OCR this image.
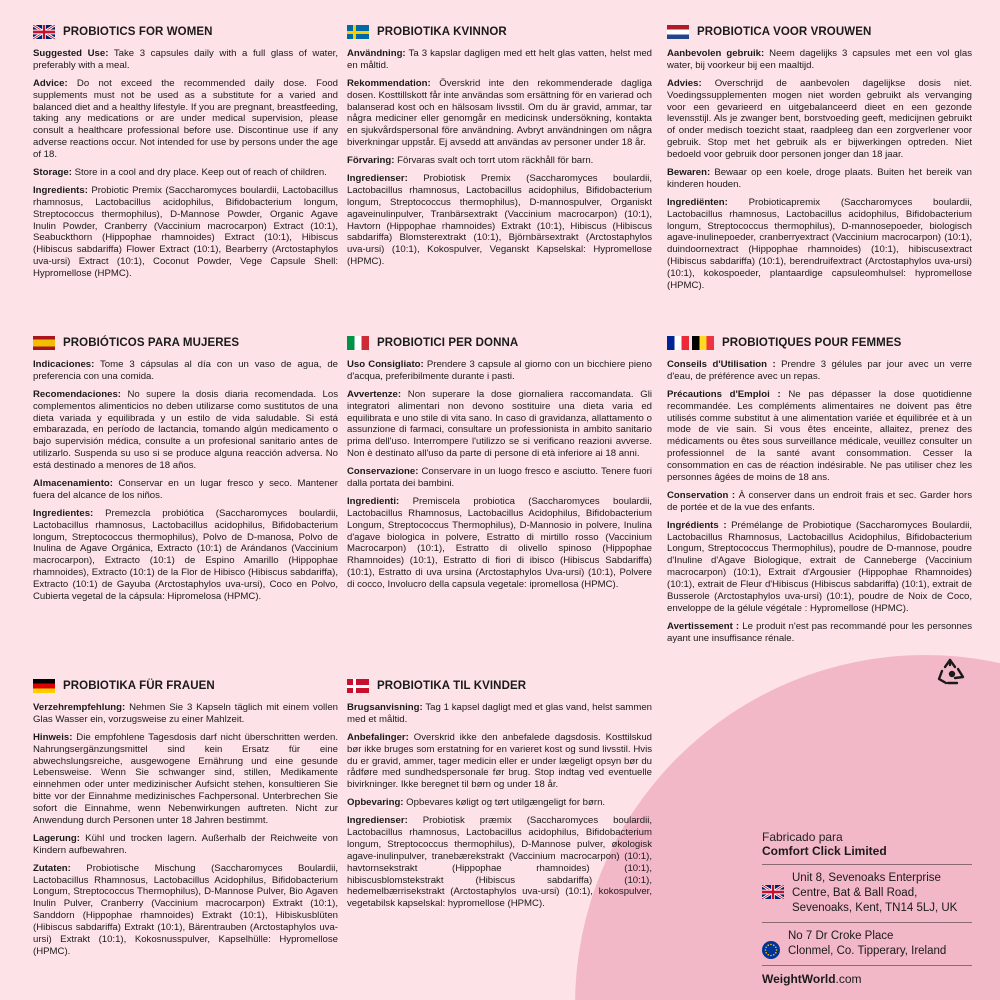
PROBIOTICS FOR WOMEN
Suggested Use: Take 3 capsules daily with a full glass of water, preferably with a meal.
Advice: Do not exceed the recommended daily dose. Food supplements must not be used as a substitute for a varied and balanced diet and a healthy lifestyle. If you are pregnant, breastfeeding, taking any medications or are under medical supervision, please consult a healthcare professional before use. Discontinue use if any adverse reactions occur. Not intended for use by persons under the age of 18.
Storage: Store in a cool and dry place. Keep out of reach of children.
Ingredients: Probiotic Premix (Saccharomyces boulardii, Lactobacillus rhamnosus, Lactobacillus acidophilus, Bifidobacterium longum, Streptococcus thermophilus), D-Mannose Powder, Organic Agave Inulin Powder, Cranberry (Vaccinium macrocarpon) Extract (10:1), Seabuckthorn (Hippophae rhamnoides) Extract (10:1), Hibiscus (Hibiscus sabdariffa) Flower Extract (10:1), Bearberry (Arctostaphylos uva-ursi) Extract (10:1), Coconut Powder, Vege Capsule Shell: Hypromellose (HPMC).
PROBIOTIKA KVINNOR
Användning: Ta 3 kapslar dagligen med ett helt glas vatten, helst med en måltid.
Rekommendation: Överskrid inte den rekommenderade dagliga dosen. Kosttillskott får inte användas som ersättning för en varierad och balanserad kost och en hälsosam livsstil. Om du är gravid, ammar, tar några mediciner eller genomgår en medicinsk undersökning, kontakta en sjukvårdspersonal före användning. Avbryt användningen om några biverkningar uppstår. Ej avsedd att användas av personer under 18 år.
Förvaring: Förvaras svalt och torrt utom räckhåll för barn.
Ingredienser: Probiotisk Premix (Saccharomyces boulardii, Lactobacillus rhamnosus, Lactobacillus acidophilus, Bifidobacterium longum, Streptococcus thermophilus), D-mannospulver, Organiskt agaveinulinpulver, Tranbärsextrakt (Vaccinium macrocarpon) (10:1), Havtorn (Hippophae rhamnoides) Extrakt (10:1), Hibiscus (Hibiscus sabdariffa) Blomsterextrakt (10:1), Björnbärsextrakt (Arctostaphylos uva-ursi) (10:1), Kokospulver, Veganskt Kapselskal: Hypromellose (HPMC).
PROBIOTICA VOOR VROUWEN
Aanbevolen gebruik: Neem dagelijks 3 capsules met een vol glas water, bij voorkeur bij een maaltijd.
Advies: Overschrijd de aanbevolen dagelijkse dosis niet. Voedingssupplementen mogen niet worden gebruikt als vervanging voor een gevarieerd en uitgebalanceerd dieet en een gezonde levensstijl. Als je zwanger bent, borstvoeding geeft, medicijnen gebruikt of onder medisch toezicht staat, raadpleeg dan een zorgverlener voor gebruik. Stop met het gebruik als er bijwerkingen optreden. Niet bedoeld voor gebruik door personen jonger dan 18 jaar.
Bewaren: Bewaar op een koele, droge plaats. Buiten het bereik van kinderen houden.
Ingrediënten: Probioticapremix (Saccharomyces boulardii, Lactobacillus rhamnosus, Lactobacillus acidophilus, Bifidobacterium longum, Streptococcus thermophilus), D-mannosepoeder, biologisch agave-inulinepoeder, cranberryextract (Vaccinium macrocarpon) (10:1), duindoornextract (Hippophae rhamnoides) (10:1), hibiscusextract (Hibiscus sabdariffa) (10:1), berendruifextract (Arctostaphylos uva-ursi) (10:1), kokospoeder, plantaardige capsuleomhulsel: hypromellose (HPMC).
PROBIÓTICOS PARA MUJERES
Indicaciones: Tome 3 cápsulas al día con un vaso de agua, de preferencia con una comida.
Recomendaciones: No supere la dosis diaria recomendada. Los complementos alimenticios no deben utilizarse como sustitutos de una dieta variada y equilibrada y un estilo de vida saludable. Si está embarazada, en período de lactancia, tomando algún medicamento o bajo supervisión médica, consulte a un profesional sanitario antes de utilizarlo. Suspenda su uso si se produce alguna reacción adversa. No está destinado a menores de 18 años.
Almacenamiento: Conservar en un lugar fresco y seco. Mantener fuera del alcance de los niños.
Ingredientes: Premezcla probiótica (Saccharomyces boulardii, Lactobacillus rhamnosus, Lactobacillus acidophilus, Bifidobacterium longum, Streptococcus thermophilus), Polvo de D-manosa, Polvo de Inulina de Agave Orgánica, Extracto (10:1) de Arándanos (Vaccinium macrocarpon), Extracto (10:1) de Espino Amarillo (Hippophae rhamnoides), Extracto (10:1) de la Flor de Hibisco (Hibiscus sabdariffa), Extracto (10:1) de Gayuba (Arctostaphylos uva-ursi), Coco en Polvo, Cubierta vegetal de la cápsula: Hipromelosa (HPMC).
PROBIOTICI PER DONNA
Uso Consigliato: Prendere 3 capsule al giorno con un bicchiere pieno d'acqua, preferibilmente durante i pasti.
Avvertenze: Non superare la dose giornaliera raccomandata. Gli integratori alimentari non devono sostituire una dieta varia ed equilibrata e uno stile di vita sano. In caso di gravidanza, allattamento o assunzione di farmaci, consultare un professionista in ambito sanitario prima dell'uso. Interrompere l'utilizzo se si verificano reazioni avverse. Non è destinato all'uso da parte di persone di età inferiore ai 18 anni.
Conservazione: Conservare in un luogo fresco e asciutto. Tenere fuori dalla portata dei bambini.
Ingredienti: Premiscela probiotica (Saccharomyces boulardii, Lactobacillus Rhamnosus, Lactobacillus Acidophilus, Bifidobacterium Longum, Streptococcus Thermophilus), D-Mannosio in polvere, Inulina d'agave biologica in polvere, Estratto di mirtillo rosso (Vaccinium Macrocarpon) (10:1), Estratto di olivello spinoso (Hippophae Rhamnoides) (10:1), Estratto di fiori di ibisco (Hibiscus Sabdariffa) (10:1), Estratto di uva ursina (Arctostaphylos Uva-ursi) (10:1), Polvere di cocco, Involucro della capsula vegetale: ipromellosa (HPMC).
PROBIOTIQUES POUR FEMMES
Conseils d'Utilisation : Prendre 3 gélules par jour avec un verre d'eau, de préférence avec un repas.
Précautions d'Emploi : Ne pas dépasser la dose quotidienne recommandée. Les compléments alimentaires ne doivent pas être utilisés comme substitut à une alimentation variée et équilibrée et à un mode de vie sain. Si vous êtes enceinte, allaitez, prenez des médicaments ou êtes sous surveillance médicale, veuillez consulter un professionnel de la santé avant consommation. Cesser la consommation en cas de réaction indésirable. Ne pas utiliser chez les personnes âgées de moins de 18 ans.
Conservation : À conserver dans un endroit frais et sec. Garder hors de portée et de la vue des enfants.
Ingrédients : Prémélange de Probiotique (Saccharomyces Boulardii, Lactobacillus Rhamnosus, Lactobacillus Acidophilus, Bifidobacterium Longum, Streptococcus Thermophilus), poudre de D-mannose, poudre d'Inuline d'Agave Biologique, extrait de Canneberge (Vaccinium macrocarpon) (10:1), Extrait d'Argousier (Hippophae Rhamnoides) (10:1), extrait de Fleur d'Hibiscus (Hibiscus sabdariffa) (10:1), extrait de Busserole (Arctostaphylos uva-ursi) (10:1), poudre de Noix de Coco, enveloppe de la gélule végétale : Hypromellose (HPMC).
Avertissement : Le produit n'est pas recommandé pour les personnes ayant une insuffisance rénale.
PROBIOTIKA FÜR FRAUEN
Verzehrempfehlung: Nehmen Sie 3 Kapseln täglich mit einem vollen Glas Wasser ein, vorzugsweise zu einer Mahlzeit.
Hinweis: Die empfohlene Tagesdosis darf nicht überschritten werden. Nahrungsergänzungsmittel sind kein Ersatz für eine abwechslungsreiche, ausgewogene Ernährung und eine gesunde Lebensweise. Wenn Sie schwanger sind, stillen, Medikamente einnehmen oder unter medizinischer Aufsicht stehen, konsultieren Sie bitte vor der Einnahme medizinisches Fachpersonal. Unterbrechen Sie sofort die Einnahme, wenn Nebenwirkungen auftreten. Nicht zur Anwendung durch Personen unter 18 Jahren bestimmt.
Lagerung: Kühl und trocken lagern. Außerhalb der Reichweite von Kindern aufbewahren.
Zutaten: Probiotische Mischung (Saccharomyces Boulardii, Lactobacillus Rhamnosus, Lactobacillus Acidophilus, Bifidobacterium Longum, Streptococcus Thermophilus), D-Mannose Pulver, Bio Agaven Inulin Pulver, Cranberry (Vaccinium macrocarpon) Extrakt (10:1), Sanddorn (Hippophae rhamnoides) Extrakt (10:1), Hibiskusblüten (Hibiscus sabdariffa) Extrakt (10:1), Bärentrauben (Arctostaphylos uva-ursi) Extrakt (10:1), Kokosnusspulver, Kapselhülle: Hypromellose (HPMC).
PROBIOTIKA TIL KVINDER
Brugsanvisning: Tag 1 kapsel dagligt med et glas vand, helst sammen med et måltid.
Anbefalinger: Overskrid ikke den anbefalede dagsdosis. Kosttilskud bør ikke bruges som erstatning for en varieret kost og sund livsstil. Hvis du er gravid, ammer, tager medicin eller er under lægeligt opsyn bør du rådføre med sundhedspersonale før brug. Stop indtag ved eventuelle bivirkninger. Ikke beregnet til børn og under 18 år.
Opbevaring: Opbevares køligt og tørt utilgængeligt for børn.
Ingredienser: Probiotisk præmix (Saccharomyces boulardii, Lactobacillus rhamnosus, Lactobacillus acidophilus, Bifidobacterium longum, Streptococcus thermophilus), D-Mannose pulver, økologisk agave-inulinpulver, tranebærekstrakt (Vaccinium macrocarpon) (10:1), havtornsekstrakt (Hippophae rhamnoides) (10:1), hibiscusblomstekstrakt (Hibiscus sabdariffa) (10:1), hedemelbærrisekstrakt (Arctostaphylos uva-ursi) (10:1), kokospulver, vegetabilsk kapselskal: hypromellose (HPMC).
Fabricado para
Comfort Click Limited
Unit 8, Sevenoaks Enterprise
Centre, Bat & Ball Road,
Sevenoaks, Kent, TN14 5LJ, UK
No 7 Dr Croke Place
Clonmel, Co. Tipperary, Ireland
WeightWorld.com
